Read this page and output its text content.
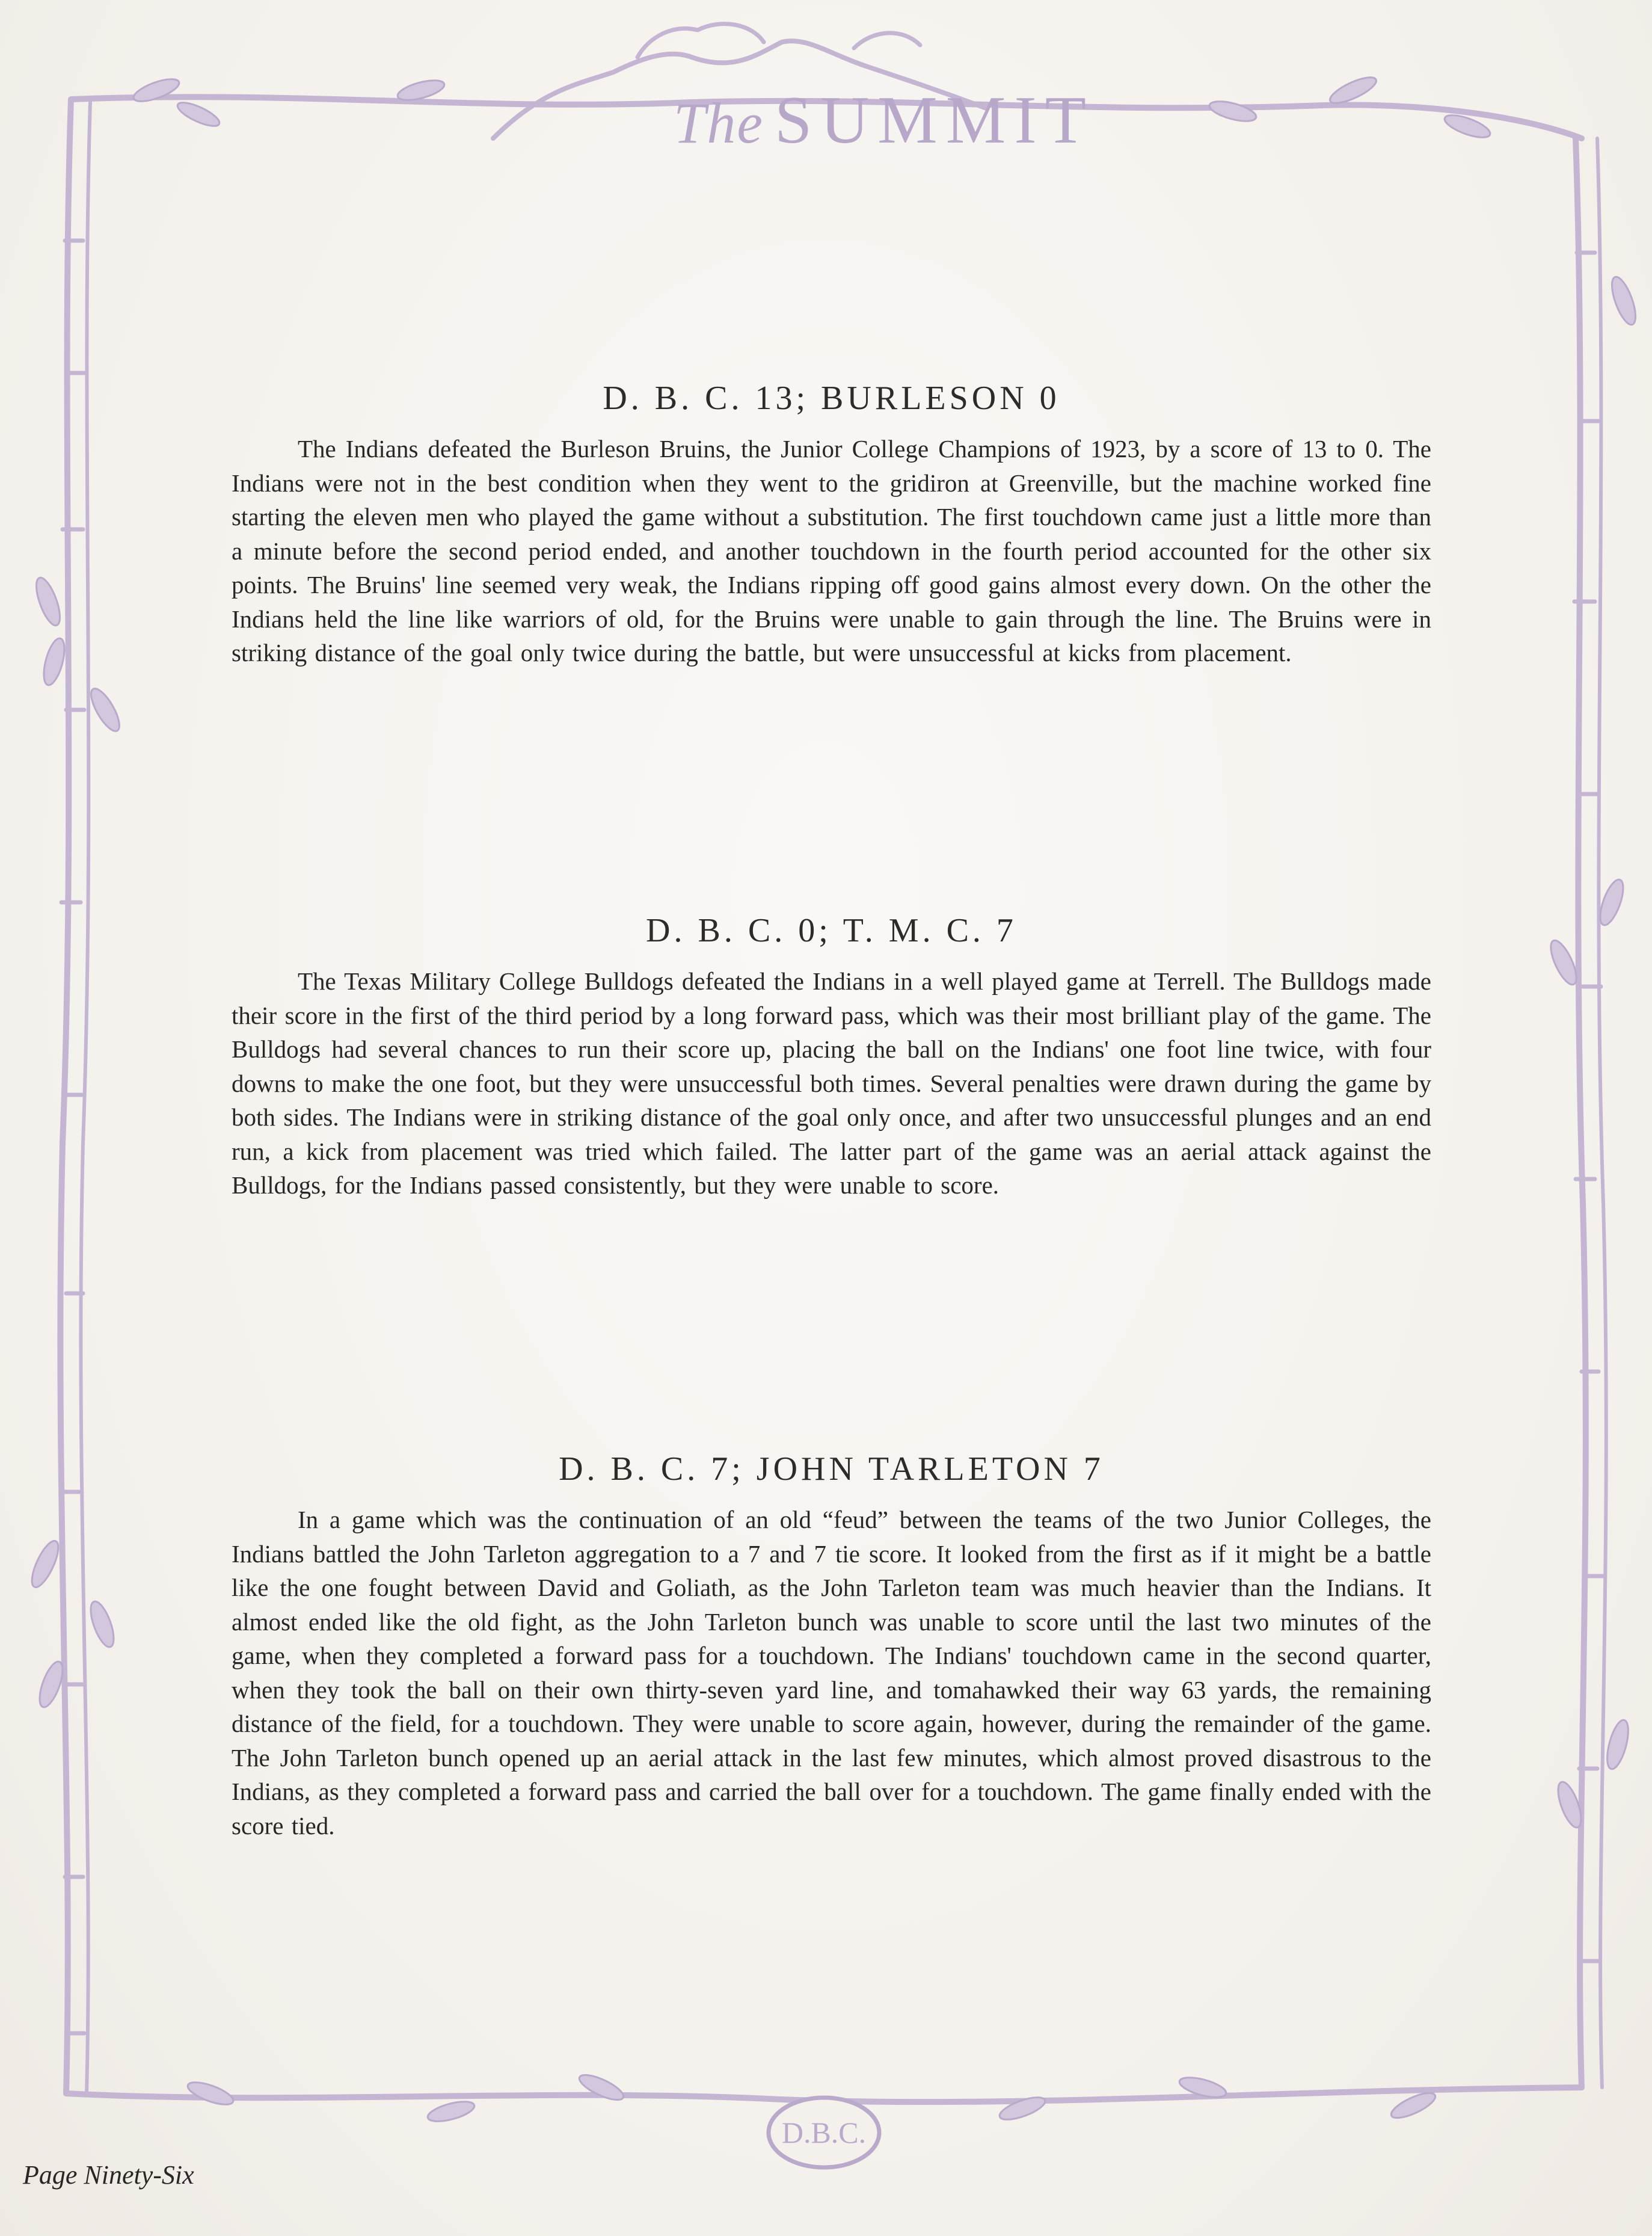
The SUMMIT
D. B. C. 13; BURLESON 0

The Indians defeated the Burleson Bruins, the Junior College Champions of 1923, by a score of 13 to 0. The Indians were not in the best condition when they went to the gridiron at Greenville, but the machine worked fine starting the eleven men who played the game without a substitution. The first touchdown came just a little more than a minute before the second period ended, and another touchdown in the fourth period accounted for the other six points. The Bruins' line seemed very weak, the Indians ripping off good gains almost every down. On the other the Indians held the line like warriors of old, for the Bruins were unable to gain through the line. The Bruins were in striking distance of the goal only twice during the battle, but were unsuccessful at kicks from placement.

D. B. C. 0; T. M. C. 7

The Texas Military College Bulldogs defeated the Indians in a well played game at Terrell. The Bulldogs made their score in the first of the third period by a long forward pass, which was their most brilliant play of the game. The Bulldogs had several chances to run their score up, placing the ball on the Indians' one foot line twice, with four downs to make the one foot, but they were unsuccessful both times. Several penalties were drawn during the game by both sides. The Indians were in striking distance of the goal only once, and after two unsuccessful plunges and an end run, a kick from placement was tried which failed. The latter part of the game was an aerial attack against the Bulldogs, for the Indians passed consistently, but they were unable to score.

D. B. C. 7; JOHN TARLETON 7

In a game which was the continuation of an old “feud” between the teams of the two Junior Colleges, the Indians battled the John Tarleton aggregation to a 7 and 7 tie score. It looked from the first as if it might be a battle like the one fought between David and Goliath, as the John Tarleton team was much heavier than the Indians. It almost ended like the old fight, as the John Tarleton bunch was unable to score until the last two minutes of the game, when they completed a forward pass for a touchdown. The Indians' touchdown came in the second quarter, when they took the ball on their own thirty-seven yard line, and tomahawked their way 63 yards, the remaining distance of the field, for a touchdown. They were unable to score again, however, during the remainder of the game. The John Tarleton bunch opened up an aerial attack in the last few minutes, which almost proved disastrous to the Indians, as they completed a forward pass and carried the ball over for a touchdown. The game finally ended with the score tied.

D.B.C.
Page Ninety-Six
